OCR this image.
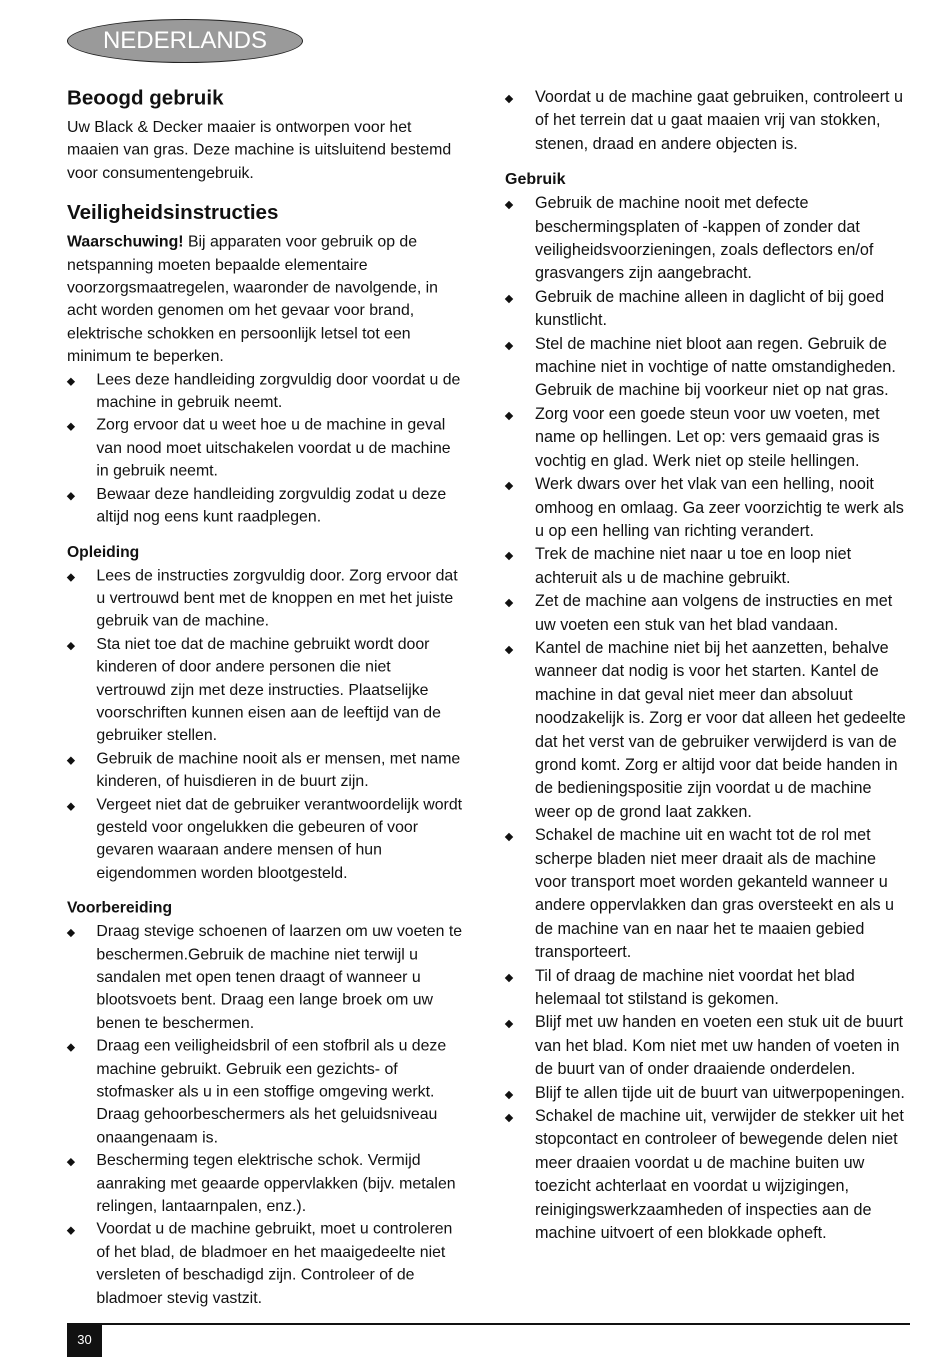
NEDERLANDS
Beoogd gebruik

Uw Black & Decker maaier is ontworpen voor het maaien van gras. Deze machine is uitsluitend bestemd voor consumentengebruik.

Veiligheidsinstructies

Waarschuwing! Bij apparaten voor gebruik op de netspanning moeten bepaalde elementaire voorzorgsmaatregelen, waaronder de navolgende, in acht worden genomen om het gevaar voor brand, elektrische schokken en persoonlijk letsel tot een minimum te beperken.

Lees deze handleiding zorgvuldig door voordat u de machine in gebruik neemt.
Zorg ervoor dat u weet hoe u de machine in geval van nood moet uitschakelen voordat u de machine in gebruik neemt.
Bewaar deze handleiding zorgvuldig zodat u deze altijd nog eens kunt raadplegen.
Opleiding
Lees de instructies zorgvuldig door. Zorg ervoor dat u vertrouwd bent met de knoppen en met het juiste gebruik van de machine.
Sta niet toe dat de machine gebruikt wordt door kinderen of door andere personen die niet vertrouwd zijn met deze instructies. Plaatselijke voorschriften kunnen eisen aan de leeftijd van de gebruiker stellen.
Gebruik de machine nooit als er mensen, met name kinderen, of huisdieren in de buurt zijn.
Vergeet niet dat de gebruiker verantwoordelijk wordt gesteld voor ongelukken die gebeuren of voor gevaren waaraan andere mensen of hun eigendommen worden blootgesteld.
Voorbereiding
Draag stevige schoenen of laarzen om uw voeten te beschermen.Gebruik de machine niet terwijl u sandalen met open tenen draagt of wanneer u blootsvoets bent. Draag een lange broek om uw benen te beschermen.
Draag een veiligheidsbril of een stofbril als u deze machine gebruikt. Gebruik een gezichts- of stofmasker als u in een stoffige omgeving werkt. Draag gehoorbeschermers als het geluidsniveau onaangenaam is.
Bescherming tegen elektrische schok. Vermijd aanraking met geaarde oppervlakken (bijv. metalen relingen, lantaarnpalen, enz.).
Voordat u de machine gebruikt, moet u controleren of het blad, de bladmoer en het maaigedeelte niet versleten of beschadigd zijn. Controleer of de bladmoer stevig vastzit.
Voordat u de machine gaat gebruiken, controleert u of het terrein dat u gaat maaien vrij van stokken, stenen, draad en andere objecten is.
Gebruik
Gebruik de machine nooit met defecte beschermingsplaten of -kappen of zonder dat veiligheidsvoorzieningen, zoals deflectors en/of grasvangers zijn aangebracht.
Gebruik de machine alleen in daglicht of bij goed kunstlicht.
Stel de machine niet bloot aan regen. Gebruik de machine niet in vochtige of natte omstandigheden. Gebruik de machine bij voorkeur niet op nat gras.
Zorg voor een goede steun voor uw voeten, met name op hellingen. Let op: vers gemaaid gras is vochtig en glad. Werk niet op steile hellingen.
Werk dwars over het vlak van een helling, nooit omhoog en omlaag. Ga zeer voorzichtig te werk als u op een helling van richting verandert.
Trek de machine niet naar u toe en loop niet achteruit als u de machine gebruikt.
Zet de machine aan volgens de instructies en met uw voeten een stuk van het blad vandaan.
Kantel de machine niet bij het aanzetten, behalve wanneer dat nodig is voor het starten. Kantel de machine in dat geval niet meer dan absoluut noodzakelijk is. Zorg er voor dat alleen het gedeelte dat het verst van de gebruiker verwijderd is van de grond komt. Zorg er altijd voor dat beide handen in de bedieningspositie zijn voordat u de machine weer op de grond laat zakken.
Schakel de machine uit en wacht tot de rol met scherpe bladen niet meer draait als de machine voor transport moet worden gekanteld wanneer u andere oppervlakken dan gras oversteekt en als u de machine van en naar het te maaien gebied transporteert.
Til of draag de machine niet voordat het blad helemaal tot stilstand is gekomen.
Blijf met uw handen en voeten een stuk uit de buurt van het blad. Kom niet met uw handen of voeten in de buurt van of onder draaiende onderdelen.
Blijf te allen tijde uit de buurt van uitwerpopeningen.
Schakel de machine uit, verwijder de stekker uit het stopcontact en controleer of bewegende delen niet meer draaien voordat u de machine buiten uw toezicht achterlaat en voordat u wijzigingen, reinigingswerkzaamheden of inspecties aan de machine uitvoert of een blokkade opheft.
30
